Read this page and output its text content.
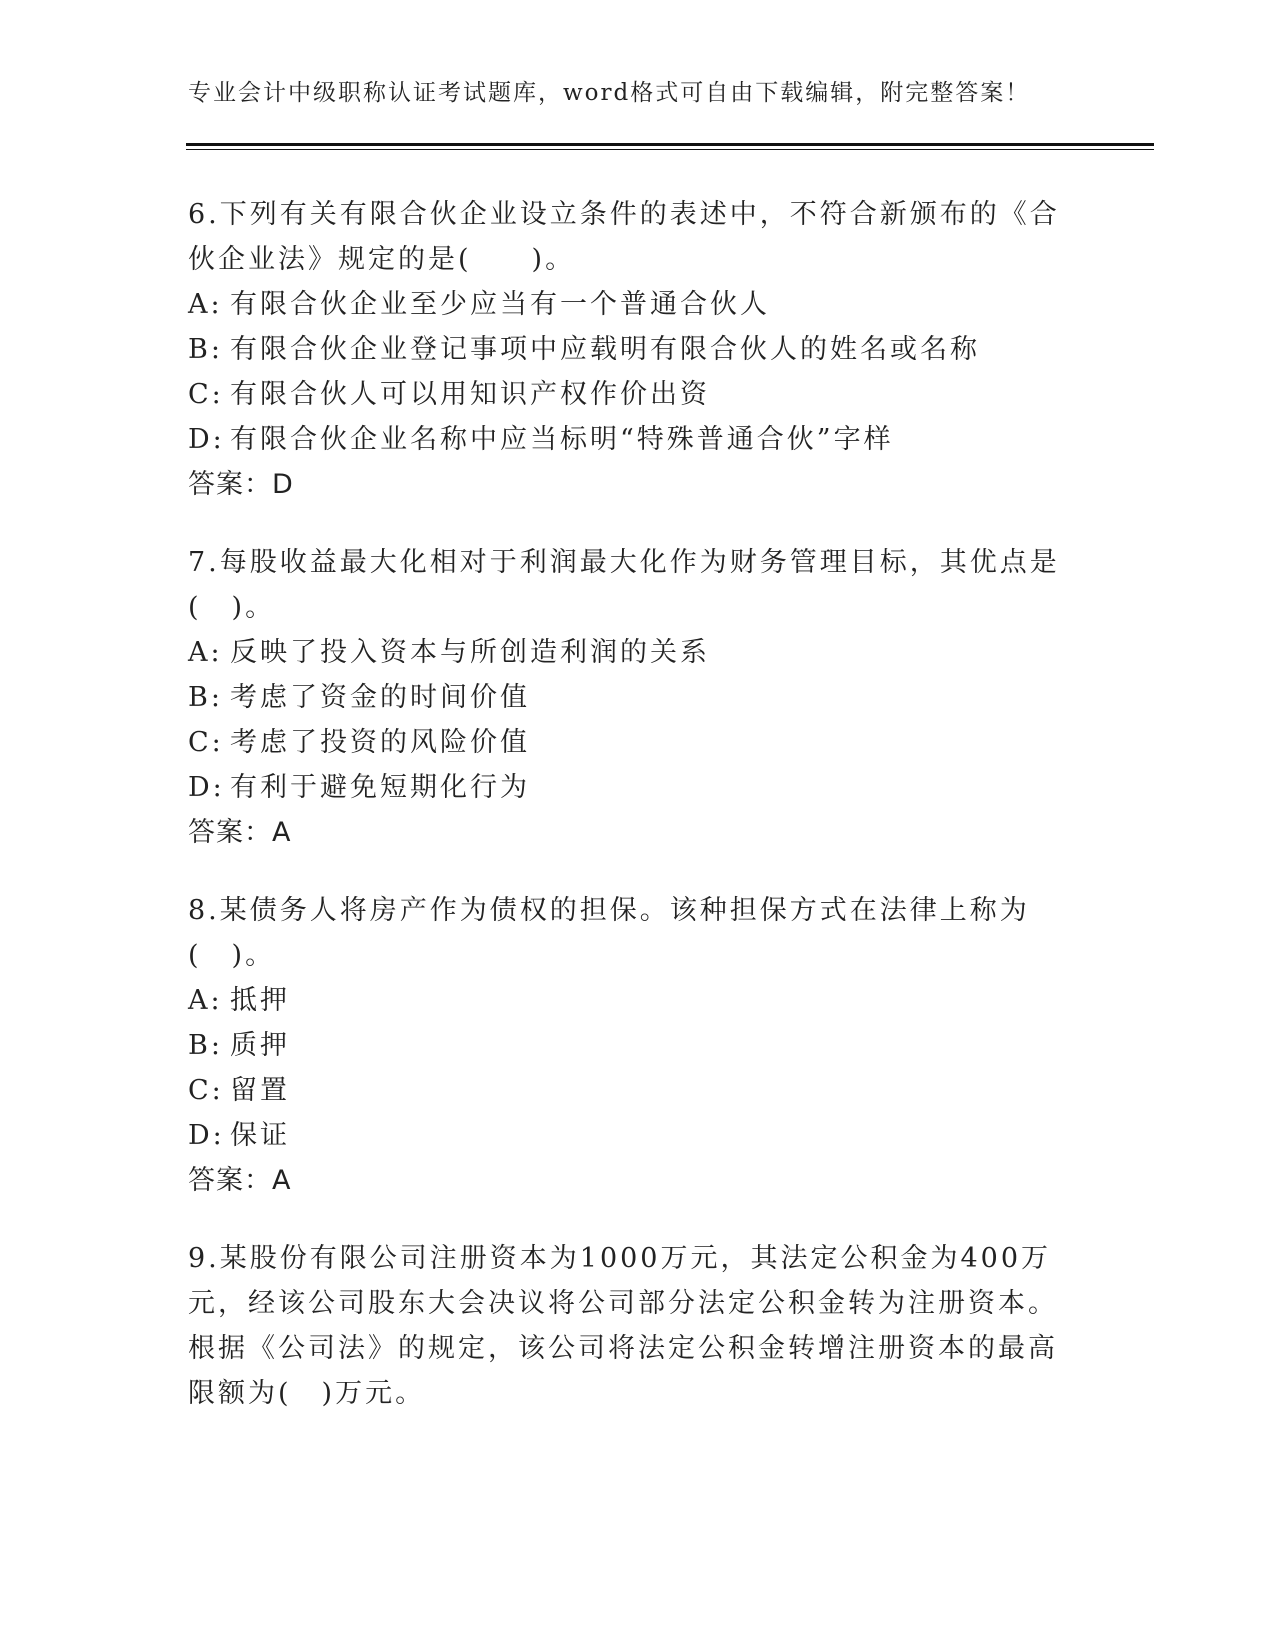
专业会计中级职称认证考试题库，word格式可自由下载编辑，附完整答案！

6.下列有关有限合伙企业设立条件的表述中，不符合新颁布的《合伙企业法》规定的是(　　)。

A: 有限合伙企业至少应当有一个普通合伙人

B: 有限合伙企业登记事项中应载明有限合伙人的姓名或名称

C: 有限合伙人可以用知识产权作价出资

D: 有限合伙企业名称中应当标明“特殊普通合伙”字样

答案：D

7.每股收益最大化相对于利润最大化作为财务管理目标，其优点是(　)。

A: 反映了投入资本与所创造利润的关系

B: 考虑了资金的时间价值

C: 考虑了投资的风险价值

D: 有利于避免短期化行为

答案：A

8.某债务人将房产作为债权的担保。该种担保方式在法律上称为(　)。

A: 抵押

B: 质押

C: 留置

D: 保证

答案：A

9.某股份有限公司注册资本为1000万元，其法定公积金为400万元，经该公司股东大会决议将公司部分法定公积金转为注册资本。根据《公司法》的规定，该公司将法定公积金转增注册资本的最高限额为(　)万元。
